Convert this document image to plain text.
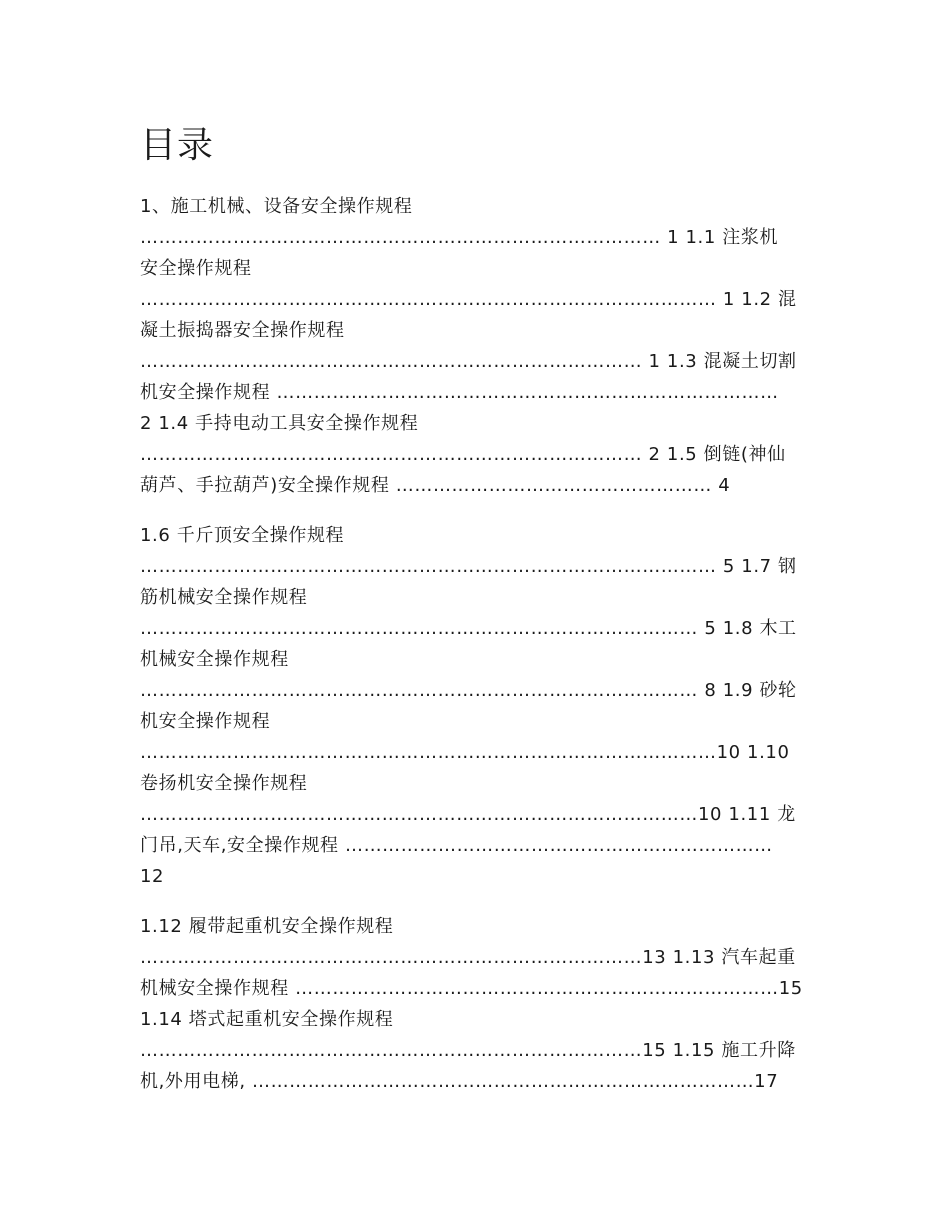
目录
1、施工机械、设备安全操作规程
………………………………………………………………………… 1 1.1 注浆机
安全操作规程
………………………………………………………………………………… 1 1.2 混
凝土振捣器安全操作规程
……………………………………………………………………… 1 1.3 混凝土切割
机安全操作规程 ………………………………………………………………………
2 1.4 手持电动工具安全操作规程
……………………………………………………………………… 2 1.5 倒链(神仙
葫芦、手拉葫芦)安全操作规程 …………………………………………… 4
1.6 千斤顶安全操作规程
………………………………………………………………………………… 5 1.7 钢
筋机械安全操作规程
……………………………………………………………………………… 5 1.8 木工
机械安全操作规程
……………………………………………………………………………… 8 1.9 砂轮
机安全操作规程
…………………………………………………………………………………10 1.10
卷扬机安全操作规程
………………………………………………………………………………10 1.11 龙
门吊,天车,安全操作规程 ……………………………………………………………
12
1.12 履带起重机安全操作规程
………………………………………………………………………13 1.13 汽车起重
机械安全操作规程 ……………………………………………………………………15
1.14 塔式起重机安全操作规程
………………………………………………………………………15 1.15 施工升降
机,外用电梯, ………………………………………………………………………17
